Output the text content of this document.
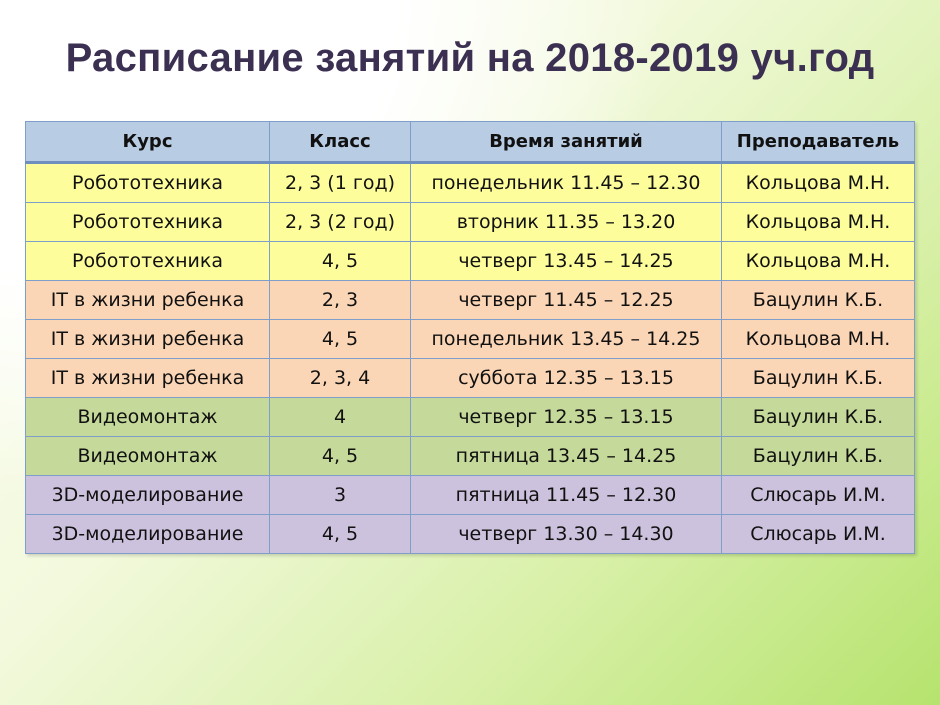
Расписание занятий на 2018-2019 уч.год
Курс	Класс	Время занятий	Преподаватель
Робототехника	2, 3 (1 год)	понедельник 11.45 – 12.30	Кольцова М.Н.
Робототехника	2, 3 (2 год)	вторник 11.35 – 13.20	Кольцова М.Н.
Робототехника	4, 5	четверг 13.45 – 14.25	Кольцова М.Н.
IT в жизни ребенка	2, 3	четверг 11.45 – 12.25	Бацулин К.Б.
IT в жизни ребенка	4, 5	понедельник 13.45 – 14.25	Кольцова М.Н.
IT в жизни ребенка	2, 3, 4	суббота 12.35 – 13.15	Бацулин К.Б.
Видеомонтаж	4	четверг 12.35 – 13.15	Бацулин К.Б.
Видеомонтаж	4, 5	пятница 13.45 – 14.25	Бацулин К.Б.
3D-моделирование	3	пятница 11.45 – 12.30	Слюсарь И.М.
3D-моделирование	4, 5	четверг 13.30 – 14.30	Слюсарь И.М.
